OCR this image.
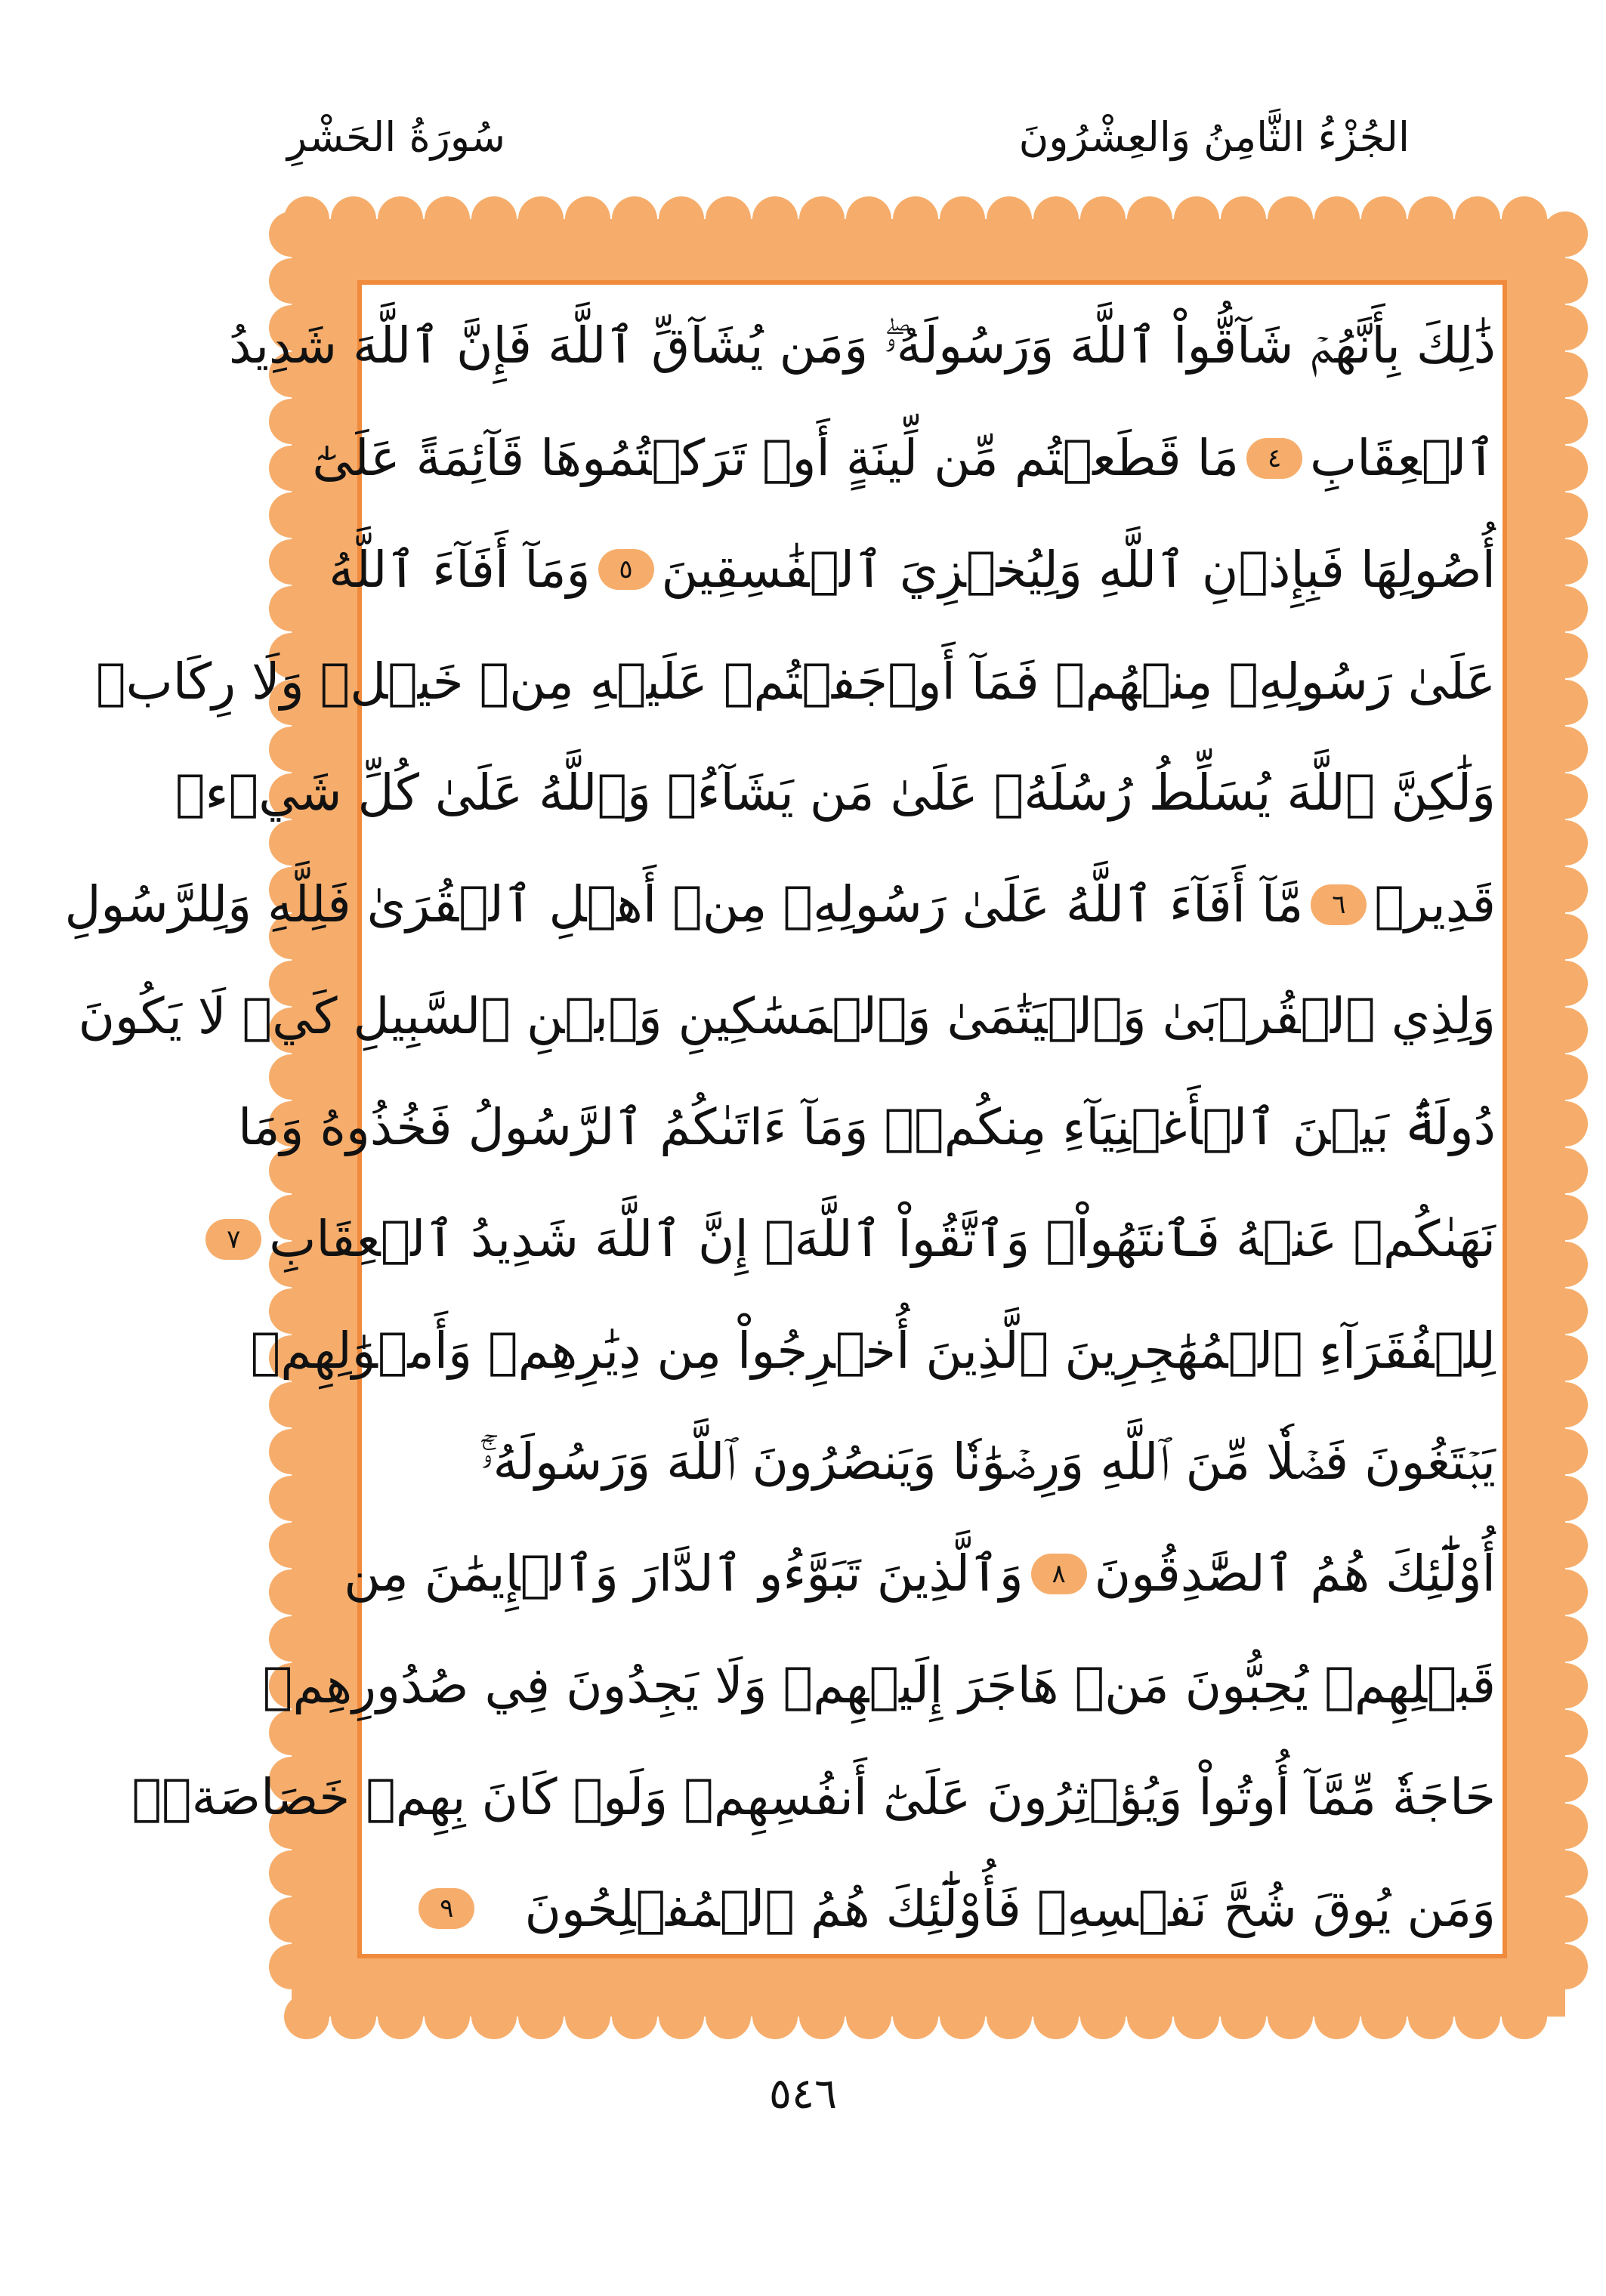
الجُزْءُ الثَّامِنُ وَالعِشْرُونَ
سُورَةُ الحَشْرِ
ذَٰلِكَ بِأَنَّهُمۡ شَآقُّواْ ٱللَّهَ وَرَسُولَهُۥۖ وَمَن يُشَآقِّ ٱللَّهَ فَإِنَّ ٱللَّهَ شَدِيدُ
ٱلۡعِقَابِ
٤
مَا قَطَعۡتُم مِّن لِّينَةٍ أَوۡ تَرَكۡتُمُوهَا قَآئِمَةً عَلَىٰٓ
أُصُولِهَا فَبِإِذۡنِ ٱللَّهِ وَلِيُخۡزِيَ ٱلۡفَٰسِقِينَ
٥
وَمَآ أَفَآءَ ٱللَّهُ
عَلَىٰ رَسُولِهِۦ مِنۡهُمۡ فَمَآ أَوۡجَفۡتُمۡ عَلَيۡهِ مِنۡ خَيۡلٖ وَلَا رِكَابٖ
وَلَٰكِنَّ ٱللَّهَ يُسَلِّطُ رُسُلَهُۥ عَلَىٰ مَن يَشَآءُۚ وَٱللَّهُ عَلَىٰ كُلِّ شَيۡءٖ
قَدِيرٞ
٦
مَّآ أَفَآءَ ٱللَّهُ عَلَىٰ رَسُولِهِۦ مِنۡ أَهۡلِ ٱلۡقُرَىٰ فَلِلَّهِ وَلِلرَّسُولِ
وَلِذِي ٱلۡقُرۡبَىٰ وَٱلۡيَتَٰمَىٰ وَٱلۡمَسَٰكِينِ وَٱبۡنِ ٱلسَّبِيلِ كَيۡ لَا يَكُونَ
دُولَةَۢ بَيۡنَ ٱلۡأَغۡنِيَآءِ مِنكُمۡۚ وَمَآ ءَاتَىٰكُمُ ٱلرَّسُولُ فَخُذُوهُ وَمَا
نَهَىٰكُمۡ عَنۡهُ فَٱنتَهُواْۚ وَٱتَّقُواْ ٱللَّهَۖ إِنَّ ٱللَّهَ شَدِيدُ ٱلۡعِقَابِ
٧
لِلۡفُقَرَآءِ ٱلۡمُهَٰجِرِينَ ٱلَّذِينَ أُخۡرِجُواْ مِن دِيَٰرِهِمۡ وَأَمۡوَٰلِهِمۡ
يَبۡتَغُونَ فَضۡلٗا مِّنَ ٱللَّهِ وَرِضۡوَٰنٗا وَيَنصُرُونَ ٱللَّهَ وَرَسُولَهُۥٓۚ
أُوْلَٰٓئِكَ هُمُ ٱلصَّٰدِقُونَ
٨
وَٱلَّذِينَ تَبَوَّءُو ٱلدَّارَ وَٱلۡإِيمَٰنَ مِن
قَبۡلِهِمۡ يُحِبُّونَ مَنۡ هَاجَرَ إِلَيۡهِمۡ وَلَا يَجِدُونَ فِي صُدُورِهِمۡ
حَاجَةٗ مِّمَّآ أُوتُواْ وَيُؤۡثِرُونَ عَلَىٰٓ أَنفُسِهِمۡ وَلَوۡ كَانَ بِهِمۡ خَصَاصَةٞۚ
وَمَن يُوقَ شُحَّ نَفۡسِهِۦ فَأُوْلَٰٓئِكَ هُمُ ٱلۡمُفۡلِحُونَ
٩
٥٤٦
